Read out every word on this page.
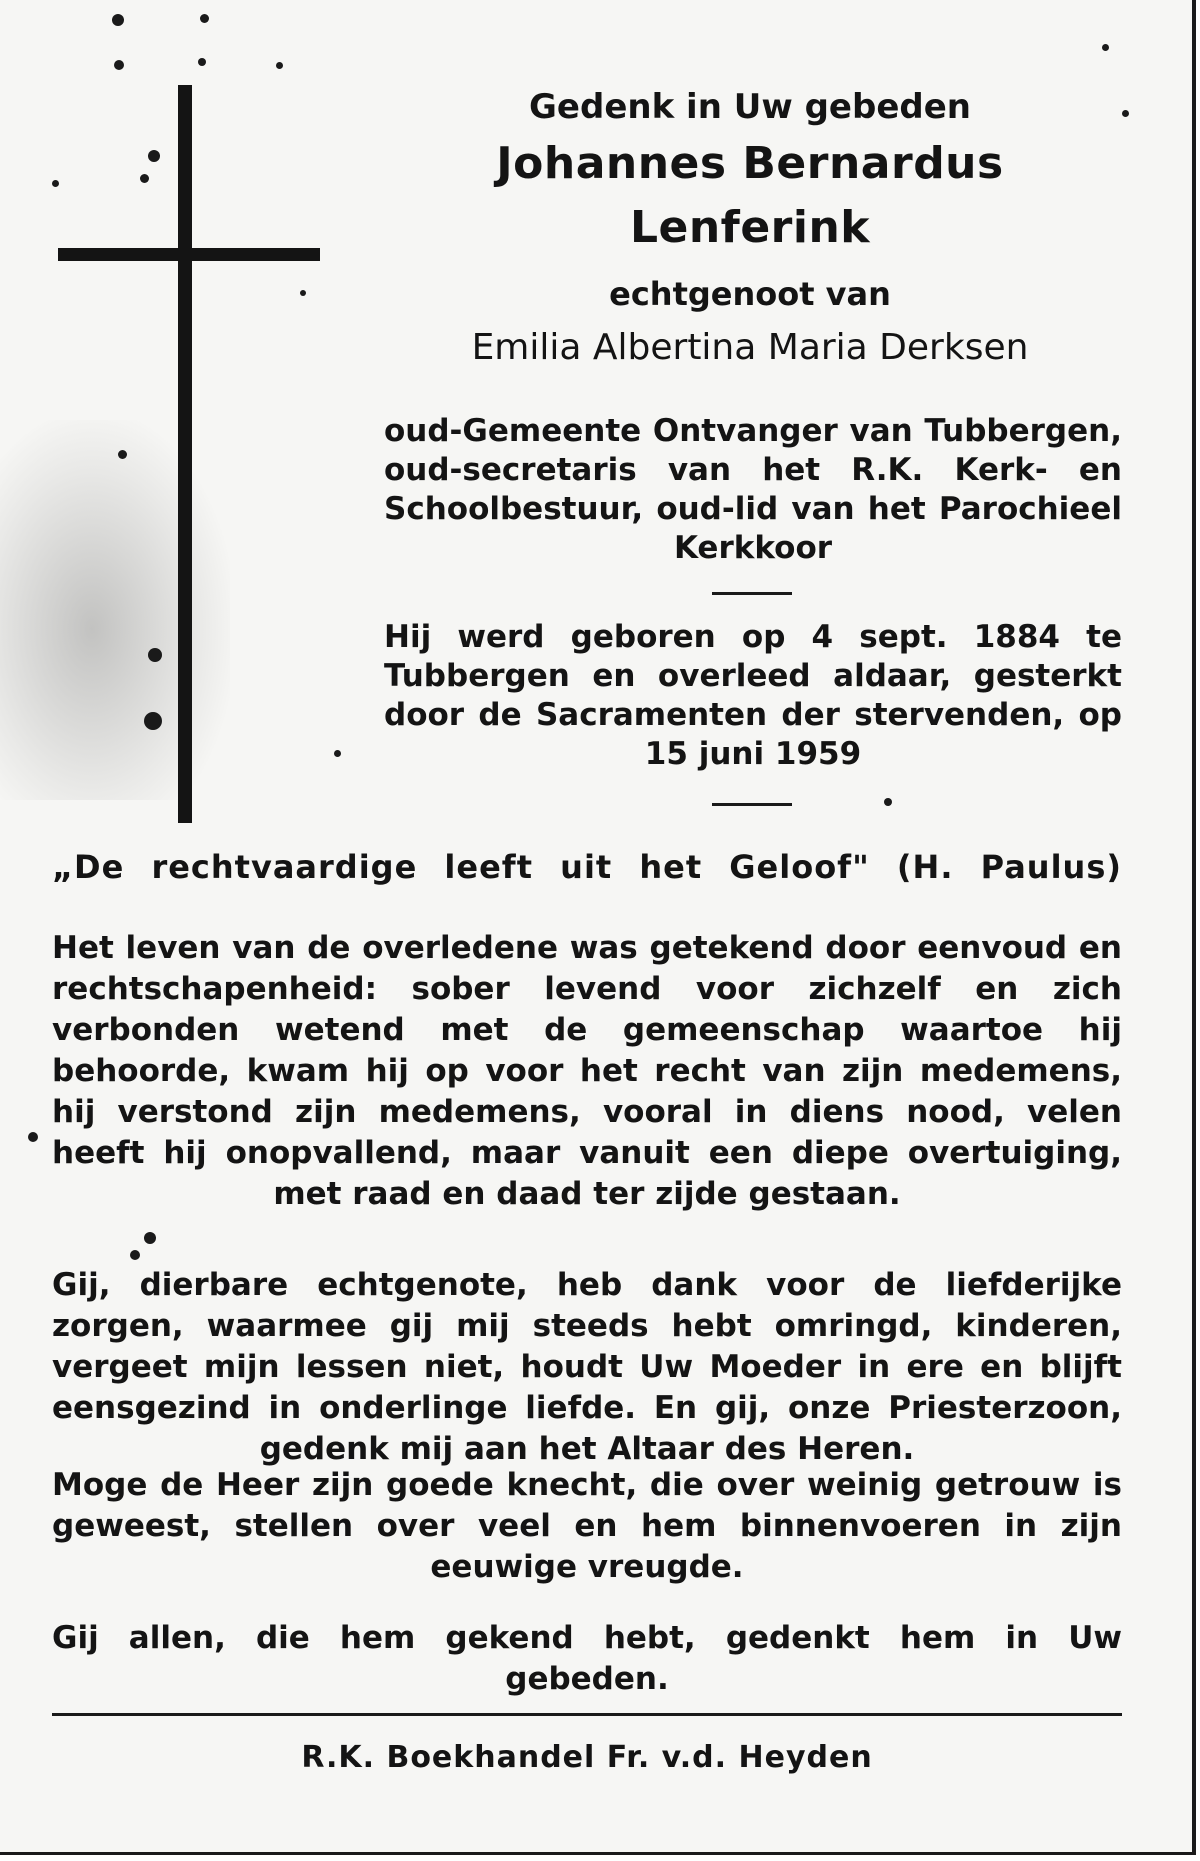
Gedenk in Uw gebeden
Johannes Bernardus
Lenferink
echtgenoot van
Emilia Albertina Maria Derksen
oud-Gemeente Ontvanger van Tubbergen, oud-secretaris van het R.K. Kerk- en Schoolbestuur, oud-lid van het Parochieel Kerkkoor
Hij werd geboren op 4 sept. 1884 te Tubbergen en overleed aldaar, gesterkt door de Sacramenten der stervenden, op 15 juni 1959
„De rechtvaardige leeft uit het Geloof" (H. Paulus)
Het leven van de overledene was getekend door eenvoud en rechtschapenheid: sober levend voor zichzelf en zich verbonden wetend met de gemeenschap waartoe hij behoorde, kwam hij op voor het recht van zijn medemens, hij verstond zijn medemens, vooral in diens nood, velen heeft hij onopvallend, maar vanuit een diepe overtuiging, met raad en daad ter zijde gestaan.
Gij, dierbare echtgenote, heb dank voor de liefderijke zorgen, waarmee gij mij steeds hebt omringd, kinderen, vergeet mijn lessen niet, houdt Uw Moeder in ere en blijft eensgezind in onderlinge liefde. En gij, onze Priesterzoon, gedenk mij aan het Altaar des Heren.
Moge de Heer zijn goede knecht, die over weinig getrouw is geweest, stellen over veel en hem binnenvoeren in zijn eeuwige vreugde.
Gij allen, die hem gekend hebt, gedenkt hem in Uw gebeden.
R.K. Boekhandel Fr. v.d. Heyden
